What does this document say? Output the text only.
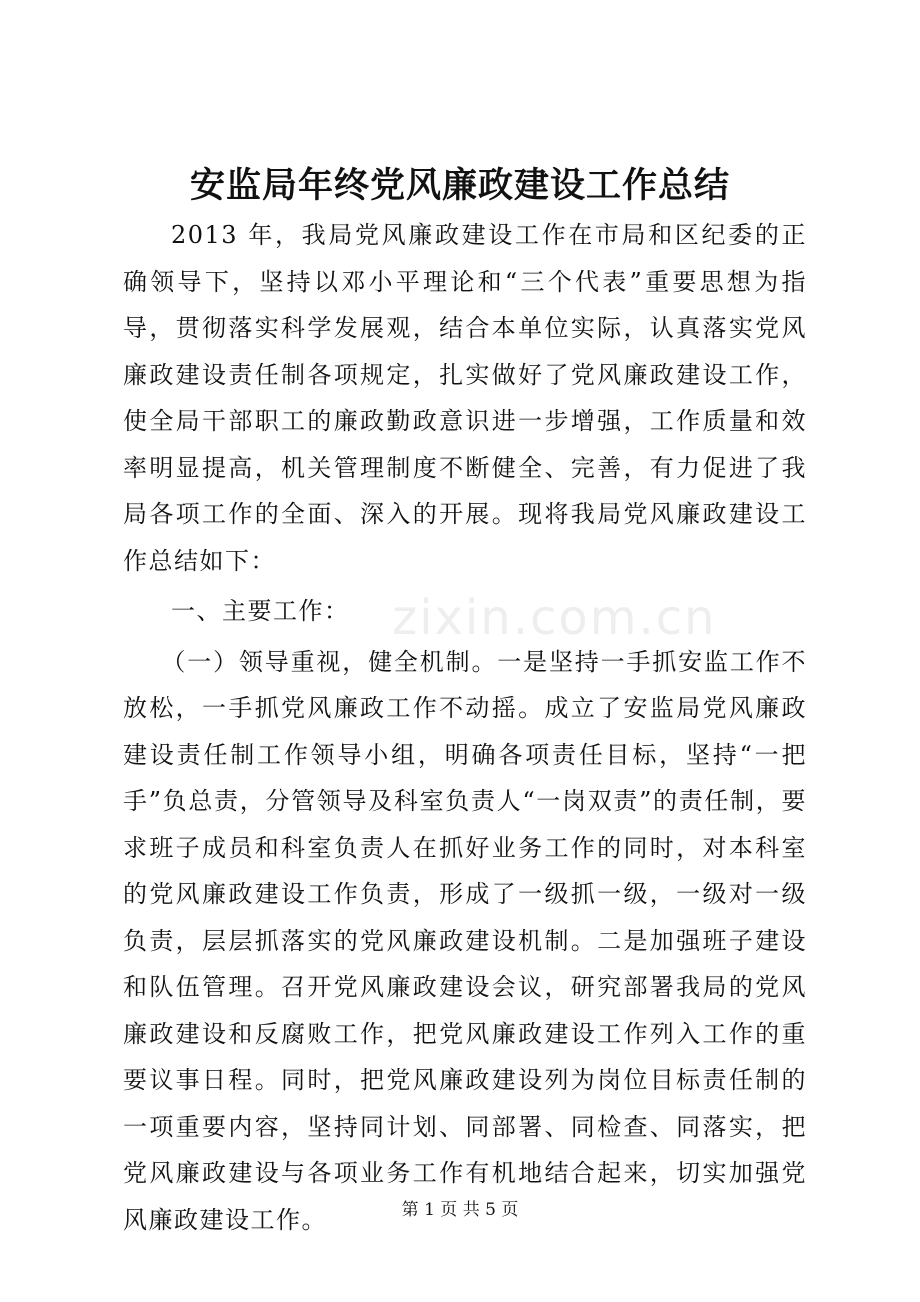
安监局年终党风廉政建设工作总结

2013 年，我局党风廉政建设工作在市局和区纪委的正确领导下，坚持以邓小平理论和“三个代表”重要思想为指导，贯彻落实科学发展观，结合本单位实际，认真落实党风廉政建设责任制各项规定，扎实做好了党风廉政建设工作，使全局干部职工的廉政勤政意识进一步增强，工作质量和效率明显提高，机关管理制度不断健全、完善，有力促进了我局各项工作的全面、深入的开展。现将我局党风廉政建设工作总结如下：

一、主要工作：

（一）领导重视，健全机制。一是坚持一手抓安监工作不放松，一手抓党风廉政工作不动摇。成立了安监局党风廉政建设责任制工作领导小组，明确各项责任目标，坚持“一把手”负总责，分管领导及科室负责人“一岗双责”的责任制，要求班子成员和科室负责人在抓好业务工作的同时，对本科室的党风廉政建设工作负责，形成了一级抓一级，一级对一级负责，层层抓落实的党风廉政建设机制。二是加强班子建设和队伍管理。召开党风廉政建设会议，研究部署我局的党风廉政建设和反腐败工作，把党风廉政建设工作列入工作的重要议事日程。同时，把党风廉政建设列为岗位目标责任制的一项重要内容，坚持同计划、同部署、同检查、同落实，把党风廉政建设与各项业务工作有机地结合起来，切实加强党风廉政建设工作。

zixin.com.cn
第 1 页 共 5 页
